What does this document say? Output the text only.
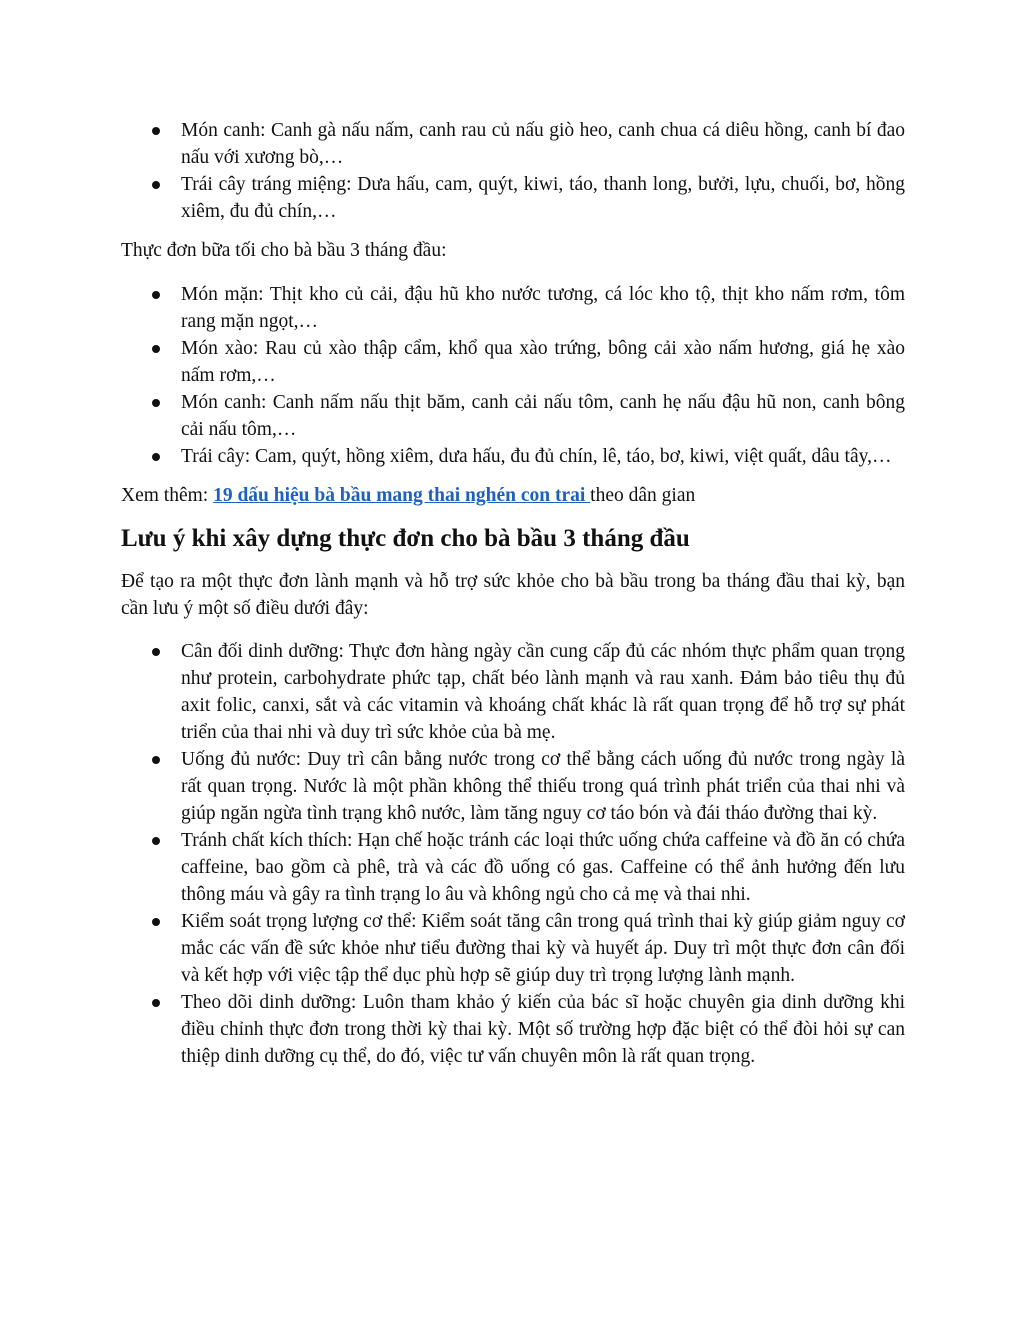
Món canh: Canh gà nấu nấm, canh rau củ nấu giò heo, canh chua cá diêu hồng, canh bí đao nấu với xương bò,…
Trái cây tráng miệng: Dưa hấu, cam, quýt, kiwi, táo, thanh long, bưởi, lựu, chuối, bơ, hồng xiêm, đu đủ chín,…

Thực đơn bữa tối cho bà bầu 3 tháng đầu:

Món mặn: Thịt kho củ cải, đậu hũ kho nước tương, cá lóc kho tộ, thịt kho nấm rơm, tôm rang mặn ngọt,…
Món xào: Rau củ xào thập cẩm, khổ qua xào trứng, bông cải xào nấm hương, giá hẹ xào nấm rơm,…
Món canh: Canh nấm nấu thịt băm, canh cải nấu tôm, canh hẹ nấu đậu hũ non, canh bông cải nấu tôm,…
Trái cây: Cam, quýt, hồng xiêm, dưa hấu, đu đủ chín, lê, táo, bơ, kiwi, việt quất, dâu tây,…

Xem thêm: 19 dấu hiệu bà bầu mang thai nghén con trai theo dân gian

Lưu ý khi xây dựng thực đơn cho bà bầu 3 tháng đầu

Để tạo ra một thực đơn lành mạnh và hỗ trợ sức khỏe cho bà bầu trong ba tháng đầu thai kỳ, bạn cần lưu ý một số điều dưới đây:

Cân đối dinh dưỡng: Thực đơn hàng ngày cần cung cấp đủ các nhóm thực phẩm quan trọng như protein, carbohydrate phức tạp, chất béo lành mạnh và rau xanh. Đảm bảo tiêu thụ đủ axit folic, canxi, sắt và các vitamin và khoáng chất khác là rất quan trọng để hỗ trợ sự phát triển của thai nhi và duy trì sức khỏe của bà mẹ.
Uống đủ nước: Duy trì cân bằng nước trong cơ thể bằng cách uống đủ nước trong ngày là rất quan trọng. Nước là một phần không thể thiếu trong quá trình phát triển của thai nhi và giúp ngăn ngừa tình trạng khô nước, làm tăng nguy cơ táo bón và đái tháo đường thai kỳ.
Tránh chất kích thích: Hạn chế hoặc tránh các loại thức uống chứa caffeine và đồ ăn có chứa caffeine, bao gồm cà phê, trà và các đồ uống có gas. Caffeine có thể ảnh hưởng đến lưu thông máu và gây ra tình trạng lo âu và không ngủ cho cả mẹ và thai nhi.
Kiểm soát trọng lượng cơ thể: Kiểm soát tăng cân trong quá trình thai kỳ giúp giảm nguy cơ mắc các vấn đề sức khỏe như tiểu đường thai kỳ và huyết áp. Duy trì một thực đơn cân đối và kết hợp với việc tập thể dục phù hợp sẽ giúp duy trì trọng lượng lành mạnh.
Theo dõi dinh dưỡng: Luôn tham khảo ý kiến của bác sĩ hoặc chuyên gia dinh dưỡng khi điều chỉnh thực đơn trong thời kỳ thai kỳ. Một số trường hợp đặc biệt có thể đòi hỏi sự can thiệp dinh dưỡng cụ thể, do đó, việc tư vấn chuyên môn là rất quan trọng.
